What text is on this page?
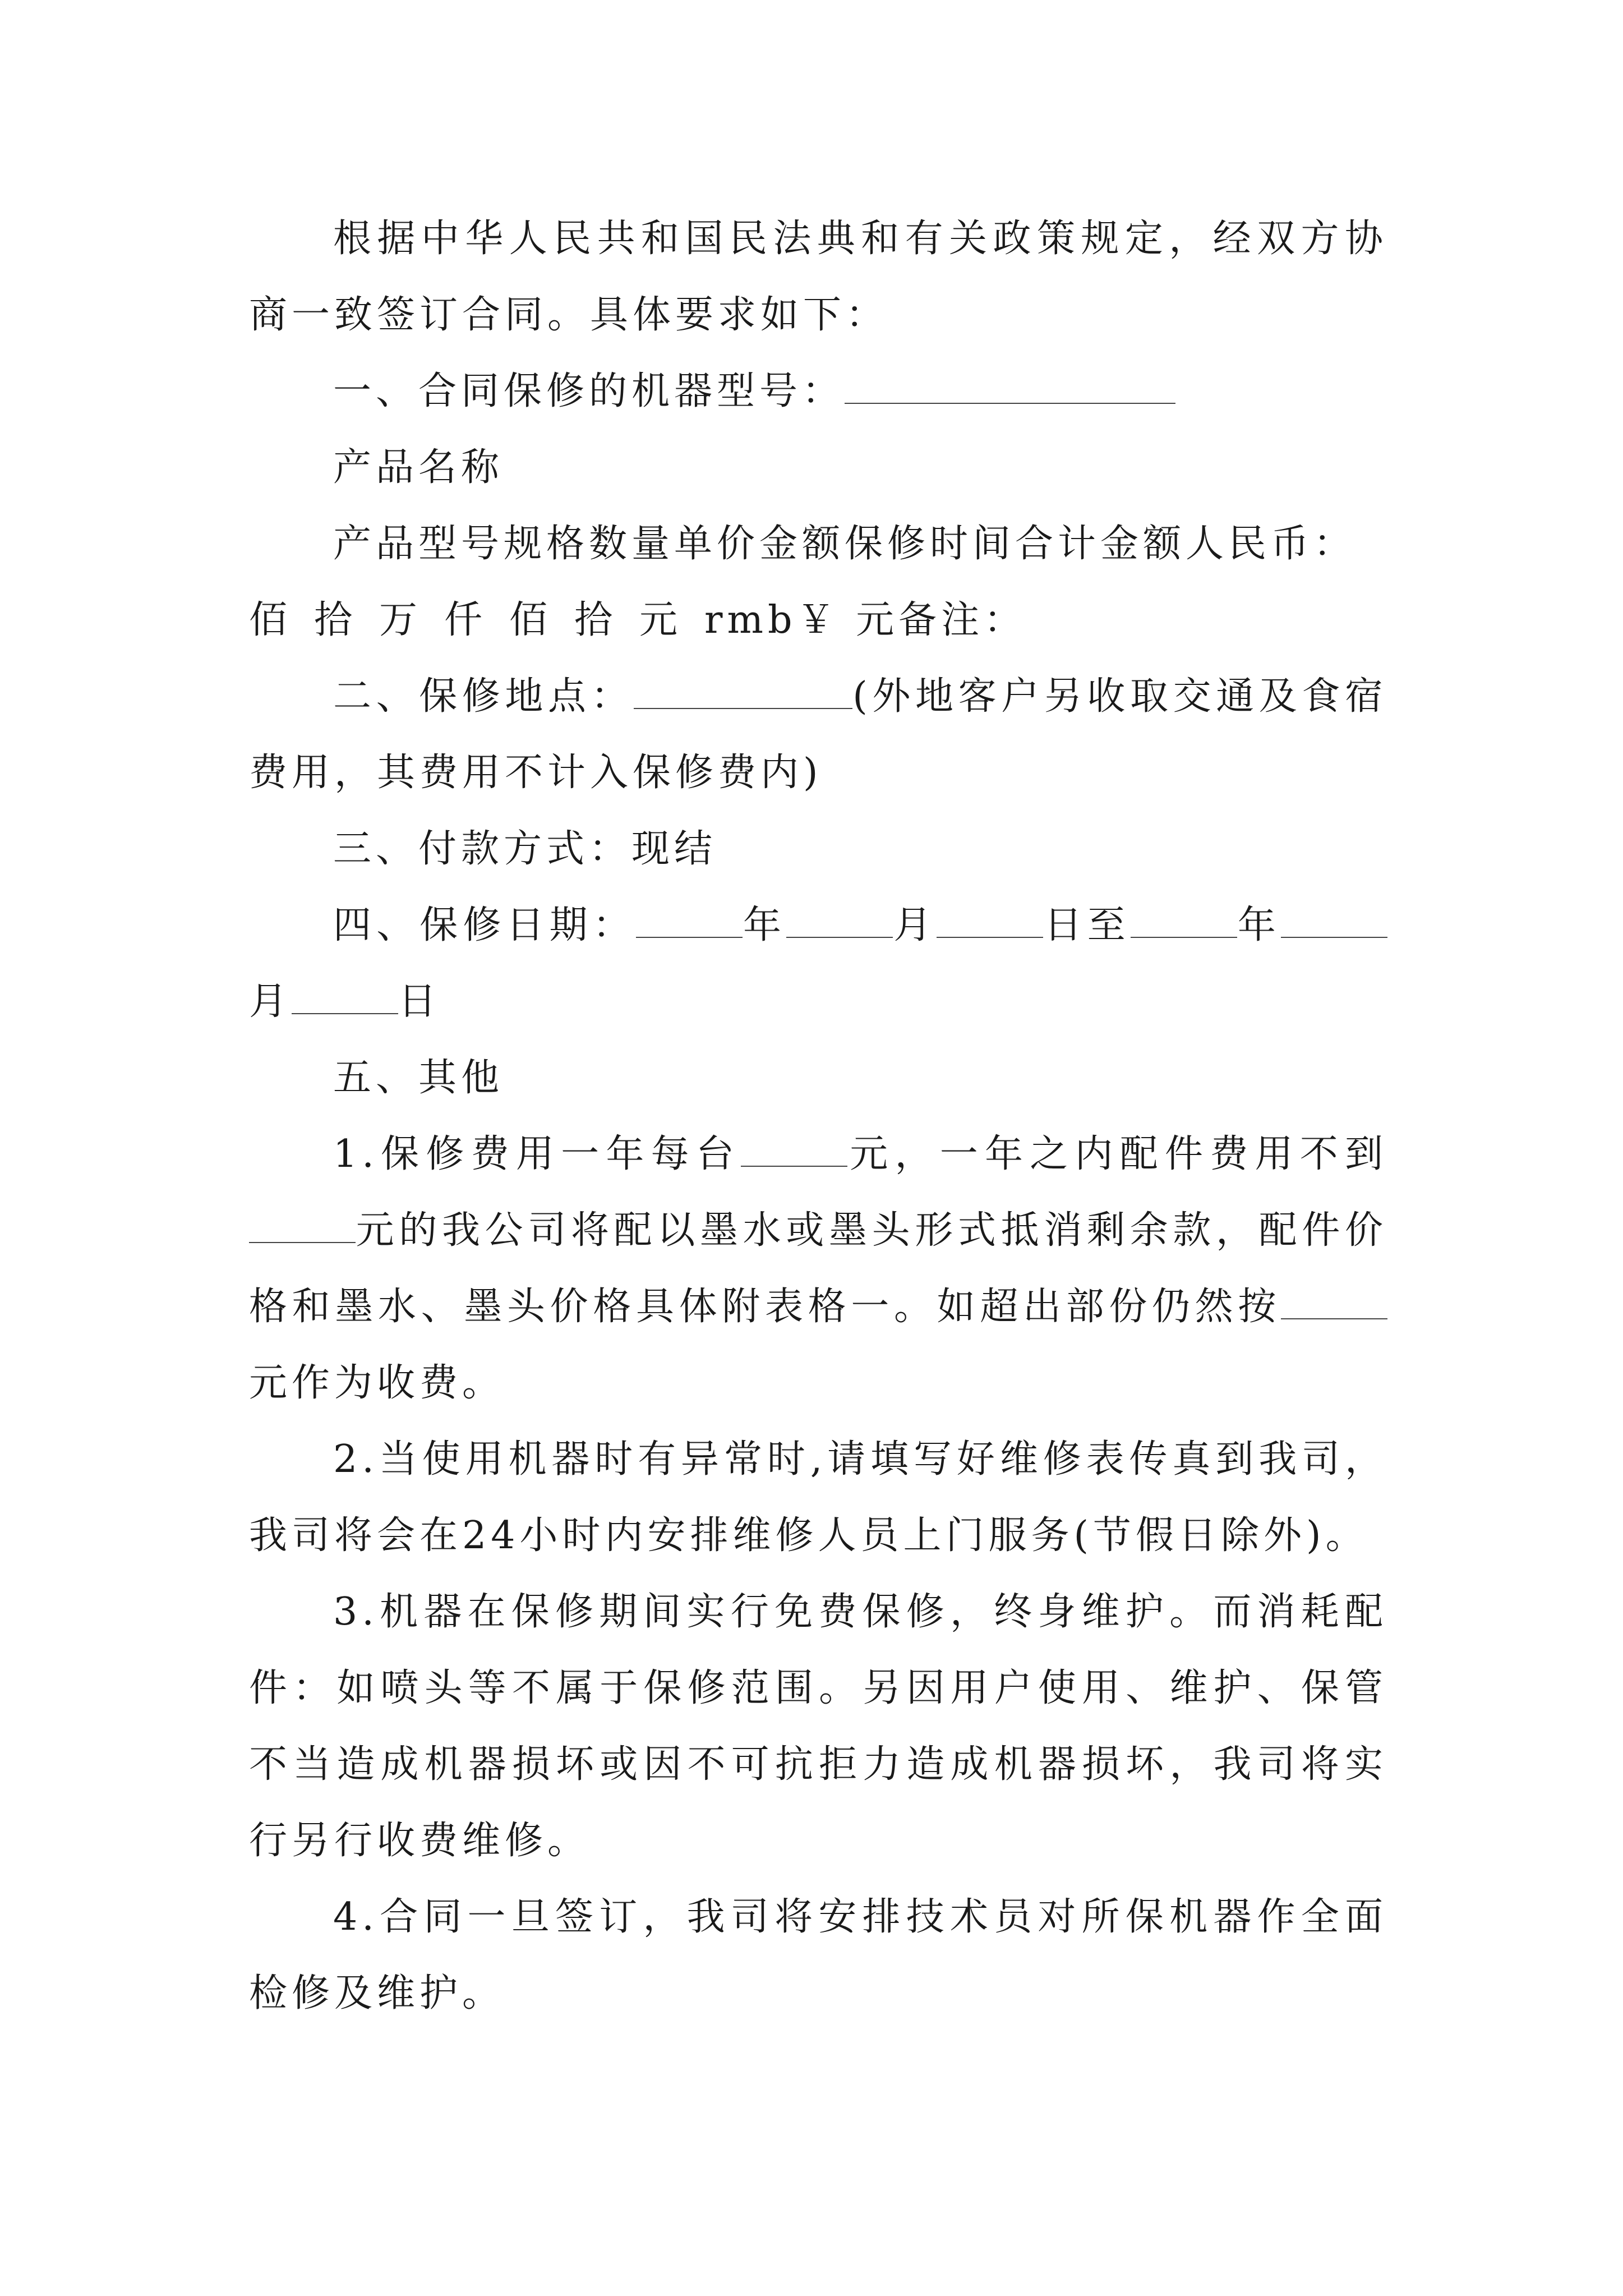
根据中华人民共和国民法典和有关政策规定，经双方协商一致签订合同。具体要求如下：

一、合同保修的机器型号：

产品名称

产品型号规格数量单价金额保修时间合计金额人民币：
佰拾万仟佰拾元rmb￥ 元备注：

二、保修地点：	(外地客户另收取交通及食宿费用，其费用不计入保修费内)

三、付款方式：现结

四、保修日期：	年	月	日至	年月	日

五、其他

1.保修费用一年每台	元，一年之内配件费用不到元的我公司将配以墨水或墨头形式抵消剩余款，配件价格和墨水、墨头价格具体附表格一。如超出部份仍然按元作为收费。

2.当使用机器时有异常时,请填写好维修表传真到我司，我司将会在24小时内安排维修人员上门服务(节假日除外)。

3.机器在保修期间实行免费保修，终身维护。而消耗配件：如喷头等不属于保修范围。另因用户使用、维护、保管不当造成机器损坏或因不可抗拒力造成机器损坏，我司将实行另行收费维修。

4.合同一旦签订，我司将安排技术员对所保机器作全面检修及维护。
